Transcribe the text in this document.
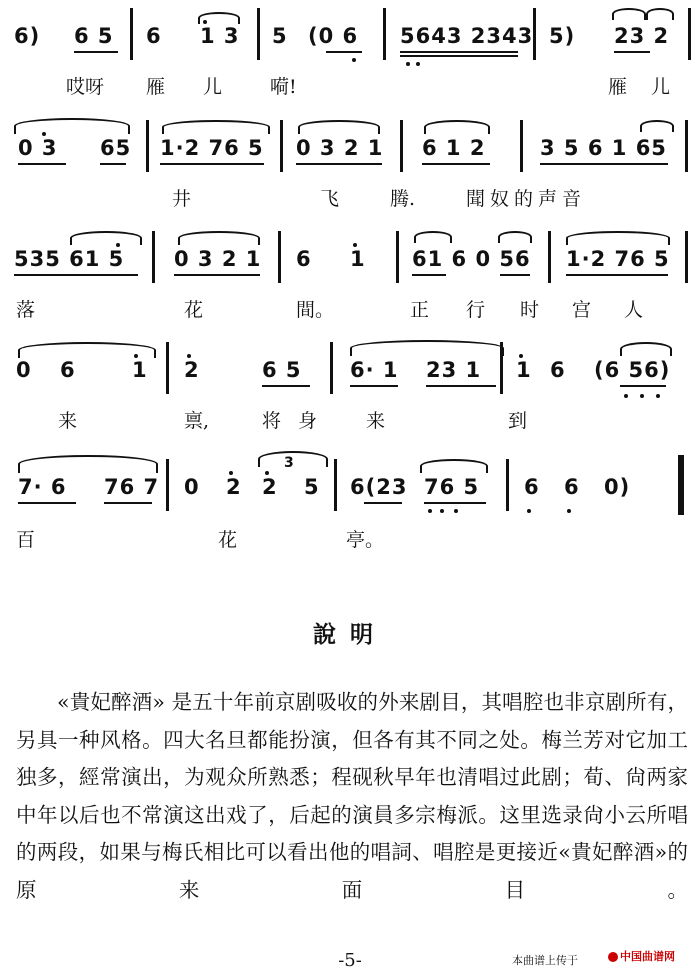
6) 6 5 6 1 3 5 (0 6 5643 2343 5) 23 2
哎呀 雁 儿	嗬!	雁 儿
0 3 65 1·2 76 5 0 3 2 1 6 1 2	3 5 6 1 65
井	飞	腾.	聞奴的声音
535 61 5 0 3 2 1 6 1 61 6 0 56 1·2 76 5
落	花	間。	正 行 时 宫 人
0 6	1 2	6 5 6· 1 23 1 1 6 (6 56)
来	禀,	将 身	来	到
7· 6 76 7 0 2 2
3
5 6(23 76 5 6 6 0)
百	花	亭。
說明

«貴妃醉酒» 是五十年前京剧吸收的外来剧目，其唱腔也非京剧所有，另具一种风格。四大名旦都能扮演，但各有其不同之处。梅兰芳对它加工独多，經常演出，为观众所熟悉；程砚秋早年也清唱过此剧；荀、尙两家中年以后也不常演这出戏了，后起的演員多宗梅派。这里选录尙小云所唱的两段，如果与梅氏相比可以看出他的唱詞、唱腔是更接近«貴妃醉酒»的原来面目。

-5-	本曲谱上传于	中国曲谱网
